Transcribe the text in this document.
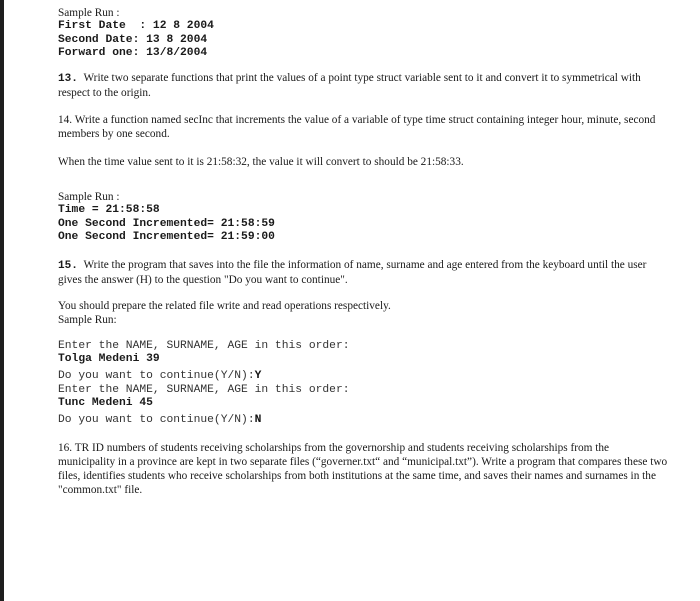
Sample Run :
First Date  : 12 8 2004
Second Date: 13 8 2004
Forward one: 13/8/2004

13. Write two separate functions that print the values of a point type struct variable sent to it and convert it to symmetrical with respect to the origin.

14. Write a function named secInc that increments the value of a variable of type time struct containing integer hour, minute, second members by one second.

When the time value sent to it is 21:58:32, the value it will convert to should be 21:58:33.

Sample Run :
Time = 21:58:58
One Second Incremented= 21:58:59
One Second Incremented= 21:59:00

15. Write the program that saves into the file the information of name, surname and age entered from the keyboard until the user gives the answer (H) to the question "Do you want to continue".

You should prepare the related file write and read operations respectively.

Sample Run:

Enter the NAME, SURNAME, AGE in this order:
Tolga Medeni 39
Do you want to continue(Y/N):Y
Enter the NAME, SURNAME, AGE in this order:
Tunc Medeni 45
Do you want to continue(Y/N):N

16. TR ID numbers of students receiving scholarships from the governorship and students receiving scholarships from the municipality in a province are kept in two separate files (“governer.txt“ and “municipal.txt”). Write a program that compares these two files, identifies students who receive scholarships from both institutions at the same time, and saves their names and surnames in the "common.txt" file.
